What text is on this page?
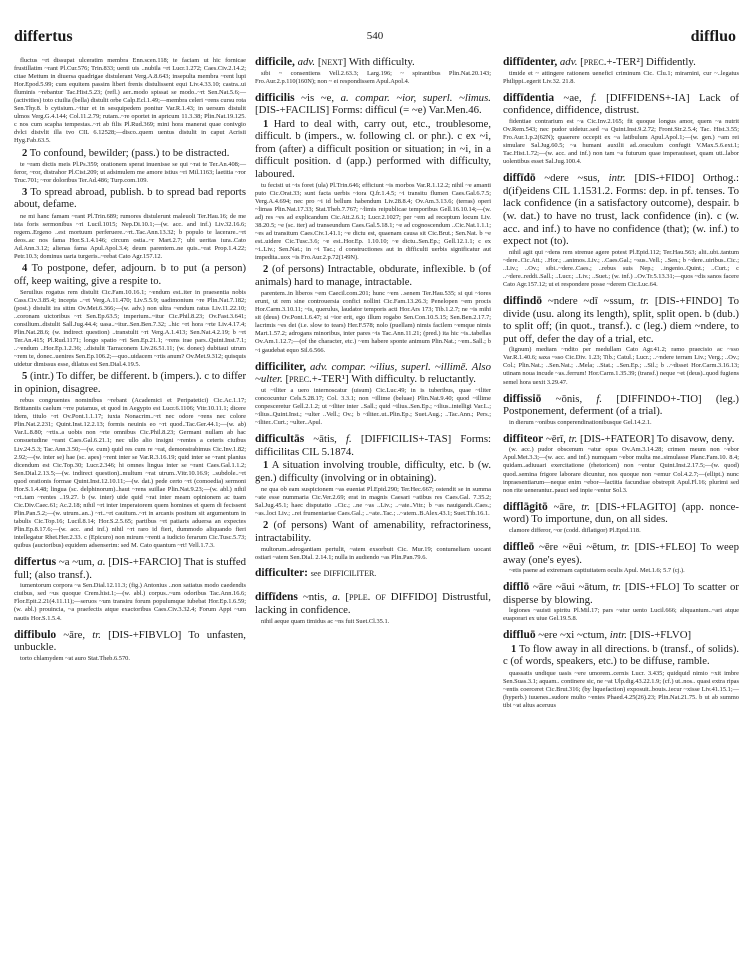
differtus	540	diffluo

fluctus ~rt dissupat ulceratim membra Enn.scen.118; te faciam ut hic fornicae frustillatim ~rant Pl.Cur.576; Trin.833; uenti uis ..nubila ~rt Lucr.1.272; Caes.Civ.2.14.2; citae Mettum in diuersa quadrigae distulerant Verg.A.8.643; insepulta membra ~rent lupi Hor.Epod.5.99; cum equitem passim liberi frenis distulissent equi Liv.4.33.10; castra..ui fluminis ~rebantur Tac.Hist.5.23; (refl.) aer..modo spissat se modo..~rt Sen.Nat.5.6;—(activities) toto ciuilia (bella) distulit orbe Calp.Ecl.1.49;—membra celeri ~rens cursu rota Sen.Thy.8. b cytisium..~itur et in sesquipedem ponitur Var.R.1.43; in uersum distulit ulmos Verg.G.4.144; Col.11.2.79; rutam..~re oportet in apricum 11.3.38; Plin.Nat.19.125. c nos cum scapha tempestas..~rt ab filis Pl.Rud.369; mini hora manerat quae conivgio dvlci distvlit illa tvo CIL 6.12528;—disco..quem uentus distulit in caput Acrisii Hyg.Fab.63.5.

2 To confound, bewilder; (pass.) to be distracted.

te ~ram dictis meis Pl.Ps.359; orationem sperat inuenisse se qui ~rat te Ter.An.408;—feror, ~ror, distrahor Pl.Cist.209; ut adsimulem me amore istius ~ri Mil.1163; laetitia ~ror Truc.701; ~ror doloribus Ter.Ad.486; Turp.com.109.

3 To spread abroad, publish. b to spread bad reports about, defame.

ne mi hanc famam ~rant Pl.Trin.689; rumores distulerunt maleuoli Ter.Hau.16; de me ista foris sermonibus ~ri Lucil.1015; Nep.Di.10.1;—(w. acc. and inf.) Liv.32.16.6; regem..Ergeno ..est mortuum perferuere..~rt..Tac.Ann.13.32; b populo te lacerare..~rt deos..ac nos fama Hor.S.1.4.146; circum ostia..~r Mart.2.7; ubi ueritas iura..Cato Ad.Ann.3.12; alienas fama Apul.Apol.3.4; deum parentem..ne quis..~rat Prop.1.4.22; Petr.10.3; dominus uaria turgeris..~rebat Cato Agr.157.12.

4 To postpone, defer, adjourn. b to put (a person) off, keep waiting, give a respite to.

Seruilius rogatus rem distulit Cic.Fam.10.16.1; ~endum est..iter in praesentia nobis Cass.Civ.3.85.4; incepta ..~rt Verg.A.11.470; Liv.5.5.9; uadimonium ~re Plin.Nat.7.182; (post.) distulit ira sitim Ov.Met.6.366;—(w. adv.) non ultra ~endum ratus Liv.11.22.10; ..coronam uictoribus ~rt Sen.Ep.63.5; imperium..~itur Cic.Phil.8.23; Ov.Fast.3.641; consilium..distulit Sall.Jug.44.4; uasa..~itur..Sen.Ben.7.32; ..hic ~rt hora ~rte Liv.4.17.4; Plin.Nat.28.6; (w. indirect question) ..transtulit ~rt Verg.A.1.413; Sen.Nat.4.2.19; b ~rt Ter.An.415; Pl.Rud.1171; longo spatio ~ri Sen.Ep.21.1; ~rens irae pars..Quint.Inst.7.1; ..~endum ..Hor.Ep.1.2.36; ..distulit Tarraconem Liv.26.51.11; (w. donec) dubitaui utrum ~rem te, donec..uenires Sen.Ep.106.2;—quo..uidacem ~rtis anum? Ov.Met.9.312; quisquis uidetur dimissus esse, dilatus est Sen.Dial.4.19.5.

5 (intr.) To differ, be different. b (impers.). c to differ in opinion, disagree.

rebus congruentes nominibus ~rebant (Academici et Peripatetici) Cic.Ac.1.17; Brittanniis caelum ~rre putamus, et quod in Aegypto est Lucr.6.1106; Vitr.10.11.1; dicere idem, titulo ~rt Ov.Pont.1.1.17; iuxta Nonacrim..~rt nec odore ~rens nec colore Plin.Nat.2.231; Quint.Inst.12.2.13; formis neuinis eo ~rt quod..Tac.Ger.44.1;—(w. ab) Var.L.8.80; ~rtis..a uobis non ~rte omnibus Cic.Phil.8.23; Germani nullam ab hac consuetudine ~rant Caes.Gal.6.21.1; nec ullo alio insigni ~rentes a ceteris ciuibus Liv.24.5.3; Tac.Ann.3.50;—(w. cum) quid res cum re ~rat, demonstrabimus Cic.Inv.1.82; 2.92;—(w. inter se) hae (sc. apes) ~rent inter se Var.R.3.16.19; quid inter se ~rant planius dicendum est Cic.Top.30; Lucr.2.346; hi omnes lingua inter se ~rant Caes.Gal.1.1.2; Sen.Dial.2.13.5;—(w. indirect question)..multum ~rat utrum..Vitr.10.16.9; ..subdole..~rt quod orationis formae Quint.Inst.12.10.11;—(w. dat.) pede certo ~rt (comoedia) sermoni Hor.S.1.4.48; lingua (sc. delphinorum)..haut ~rens suillae Plin.Nat.9.23;—(w. abl.) nihil ~rt..tam ~rentes ..19.27. b (w. inter) uide quid ~rat inter meam opinionem ac tuam Cic.Div.Caec.61; Ac.2.18; nihil ~rt inter imperatorem quem homines et quem di fecissent Plin.Pan.5.2;—(w. utrum..an..) ~rt..~rt cauitum..~rt in arcanis positum sit argumentum in tabulis Cic.Top.16; Lucil.8.14; Hor.S.2.5.65; partibus ~rt patiaris aduersa an expectes Plin.Ep.8.17.6;—(w. acc. and inf.) nihil ~rt raro id fieri, dummodo aliquando fieri intellegatur Rhet.Her.2.33. c (Epicuro) non mirum ~renti a iudicio ferarum Cic.Tusc.5.73; quibus (auctoribus) equidem adsenserim: sed M. Cato quantum ~rt! Vell.1.7.3.

differtus ~a ~um, a. [DIS-+FARCIO] That is stuffed full; (also transf.).

iumentorum corpora ~a Sen.Dial.12.11.3; (fig.) Antonius ..non satiatus modo caedendis ciuibus, sed ~us quoque Crem.hist.1;—(w. abl.) corpus..~um odoribus Tac.Ann.16.6; Flor.Epit.2.21(4.11.11);—seruos ~um transiru forum populumque iubebat Hor.Ep.1.6.59; (w. abl.) prouincia, ~a praefectis atque exactoribus Caes.Civ.3.32.4; Forum Appi ~um nautis Hor.S.1.5.4.

diffibulo ~āre, tr. [DIS-+FIBVLO] To unfasten, unbuckle.

torto chlamydem ~at auro Stat.Theb.6.570.

difficile, adv. [next] With difficulty.

sibi ~ consentiens Vell.2.63.3; Larg.196; ~ spirantibus Plin.Nat.20.143; Fro.Aur.2.p.110(160N); non ~ ei respondissem Apul.Apol.4.

difficilis ~is ~e, a. compar. ~ior, superl. ~limus. [DIS-+FACILIS] Forms: difficul (= ~e) Var.Men.46.

1 Hard to deal with, carry out, etc., troublesome, difficult. b (impers., w. following cl. or phr.). c ex ~i, from (after) a difficult position or situation; in ~i, in a difficult position. d (app.) performed with difficulty, laboured.

tu fecisti ut ~is foret (ula) Pl.Trin.646; efficiunt ~is morbos Var.R.1.12.2; nihil ~e amanti puto Cic.Orat.33; sunt facta uerbis ~iora Q.fr.1.4.5; ~i transitu flumen Caes.Gal.6.7.5; Verg.A.4.694; nec pro ~i id bellum habendum Liv.28.8.4; Ov.Am.3.13.6; (terras) operi ~limas Plin.Nat.17.33; Stat.Theb.7.767; ~limis reipublicae temporibus Gell.16.10.14;—(w. ad) res ~es ad explicandum Cic.Att.2.6.1; Lucr.2.1027; per ~em ad receptum locum Liv. 38.20.5; ~e (sc. iter) ad transeundum Caes.Gal.5.18.1; ~e ad cognoscendum ..Cic.Nat.1.1.1; ~es ad transitum Caes.Civ.1.41.1; ~e dictu est, quaenam causa sit Cic.Brut.; Sen.Nat. b ~e est..uidere Cic.Tusc.3.6; ~e est..Hor.Ep. 1.10.10; ~e dictu..Sen.Ep.; Gell.12.1.1; c ex ~i..Liv.; Sen.Nat.; in ~i Tac.; d constructiones aut in difficulti uerbis significatur aut impedita..uox ~is Fro.Aur.2.p.72(149N).

2 (of persons) Intractable, obdurate, inflexible. b (of animals) hard to manage, intractable.

parentem..in liberos ~em Caecil.com.201; hunc ~em ..senem Ter.Hau.535; si qui ~iores erunt, ut rem sine controuersia confici nollint Cic.Fam.13.26.3; Penelopen ~em procis Hor.Carm.3.10.11; ~is, querulus, laudator temporis acti Hor.Ars 173; Tib.1.2.7; ne ~is mihi sit (deus) Ov.Pont.1.6.47; si ~ior erit, ego illum rogabo Sen.Con.10.5.15; Sen.Ben.2.17.7; lacrimis ~es dei (i.e. slow to tears) Her.F.578; nolo (puellam) nimis facilem ~emque nimis Mart.1.57.2; adrogans minoribus, inter pares ~is Tac.Ann.11.21; (pred.) ita hic ~is..tabellas Ov.Am.1.12.7;—(of the character, etc.) ~em habere sponte animum Plin.Nat.; ~em..Sall.; b ~i gaudebat equo Sil.6.566.

difficiliter, adv. compar. ~ilius, superl. ~illimē. Also ~ulter. [prec.+-TER¹] With difficulty. b reluctantly.

ut ~iliter a uero internoscatur (uisum) Cic.Luc.49; in is tuberibus, quae ~iliter concocuntur Cels.5.28.17; Col. 3.3.1; non ~illime (beluae) Plin.Nat.9.40; quod ~illime conpesceretur Gell.2.1.2; ut ~iliter inter ..Sall.; quid ~ilius..Sen.Ep.; ~ilius..intelligi Var.L.; ~ilius..Quint.Inst.; ~ulter ..Vell.; Ov.; b ~iliter..ut..Plin.Ep.; Suet.Aug.; ..Tac.Ann.; Pers.; ~iliter..Curt.; ~ulter..Apul.

difficultās ~ātis, f. [DIFFICILIS+-TAS] Forms: difficilitas CIL 5.1874.

1 A situation involving trouble, difficulty, etc. b (w. gen.) difficulty (involving or in obtaining).

ne qua ob eam suspicionem ~as eueniat Pl.Epid.290; Ter.Hec.667; ostendit se in summa ~ate esse nummaria Cic.Ver.2.69; erat in magnis Caesari ~atibus res Caes.Gal. 7.35.2; Sal.Jug.45.1; haec disputatio ..Cic.; ..ne ~as ..Liv.; ..~ate..Vitr.; b ~as nauigandi..Caes.; ~as..loci Liv.; ..rei frumentariae Caes.Gal.; ..~ate..Tac.; ..~atem..B.Alex.43.1; Suet.Tib.16.1.

2 (of persons) Want of amenability, refractoriness, intractability.

multorum..adrogantiam pertulit, ~atem exsorbuit Cic. Mur.19; contumeliam uocant ostiari ~atem Sen.Dial. 2.14.1; nulla in audiendo ~as Plin.Pan.79.6.

difficulter: see DIFFICILITER.

diffīdens ~ntis, a. [pple. of DIFFIDO] Distrustful, lacking in confidence.

nihil aeque quam timidus ac ~ns fuit Suet.Cl.35.1.

diffīdenter, adv. [prec.+-TER²] Diffidently.

timide et ~ attingere rationem ueneficī criminum Cic. Clu.1; mirarnini, cur ~..legatus Philippi..egerit Liv.32. 21.8.

diffīdentia ~ae, f. [DIFFIDENS+-IA] Lack of confidence, diffidence, distrust.

fidentiae contrarium est ~a Cic.Inv.2.165; fit quoque longus amor, quem ~a nutrit Ov.Rem.543; nec pudor uidetur..sed ~a Quint.Inst.9.2.72; Front.Str.2.5.4; Tac. Hist.3.55; Fro.Aur.1.p.2(62N); quaerere occepit ex ~a latibulum Apul.Apol.1;—(w. gen.) ~am rei simulare Sal.Jug.60.5; ~a humani auxilii ad..oraculum confugit V.Max.5.6.ext.1; Tac.Hist.1.72;—(w. acc. and inf.) non tam ~a futurum quae imperauisset, quam uti..labor uolentibus esset Sal.Jug.100.4.

diffīdō ~dere ~sus, intr. [DIS-+FIDO] Orthog.: d(if)eidens CIL 1.1531.2. Forms: dep. in pf. tenses. To lack confidence (in a satisfactory outcome), despair. b (w. dat.) to have no trust, lack confidence (in). c (w. acc. and inf.) to have no confidence (that); (w. inf.) to expect not (to).

nihil agit qui ~dens rem strenue agere potest Pl.Epid.112; Ter.Hau.563; alii..ubi..tantum ~dere..Cic.Att.; ..Hor.; ..animos..Liv.; ..Caes.Gal.; ~sus..Vell.; ..Sen.; b ~dere..uiribus..Cic.; ..Liv.; ..Ov.; sibi..~dere..Caes.; ..rebus suis Nep.; ..ingenio..Quint.; ..Curt.; c ..~dere..reddi..Sall.; ..Lucr.; ..Liv.; ..Suet.; (w. inf.) ..Ov.Tr.5.13.31;—quos ~dis sanos facere Cato Agr.157.12; ut ei respondere posse ~derem Cic.Luc.64.

diffindō ~ndere ~dī ~ssum, tr. [DIS-+FINDO] To divide (usu. along its length), split, split open. b (dub.) to split off; (in quot., transf.). c (leg.) diem ~ndere, to put off, defer the day of a trial, etc.

(lignum) mediam ~ndito per medullam Cato Agr.41.2; ramo praecisio ac ~sso Var.R.1.40.6; saxa ~sso Cic.Div. 1.23; Tib.; Catul.; Lucr.; ..~ndere terram Liv.; Verg.; ..Ov.; Col.; Plin.Nat.; ..Sen.Nat.; ..Mela; ..Stat.; ..Sen.Ep.; ..Sil.; b ..~disset Hor.Carm.3.16.13; utinam noua incude ~as..ferrum! Hor.Carm.1.35.39; (transf.) neque ~et (deus)..quod fugiens semel hora uexit 3.29.47.

diffissiō ~ōnis, f. [DIFFINDO+-TIO] (leg.) Postponement, deferment (of a trial).

in dierum ~onibus conperendinationibusque Gel.14.2.1.

diffiteor ~ērī, tr. [DIS-+FATEOR] To disavow, deny.

(w. acc.) pudor obscenum ~atur opus Ov.Am.3.14.28; crimen meum non ~ebor Apul.Met.3.3;—(w. acc. and inf.) numquam ~ebor multa me..simulasse Planc.Fam.10. 8.4; quidam..adiuuari exercitatione (rhetoricen) non ~entur Quint.Inst.2.17.5;—(w. quod) quod..semina frigore laborare dicuntur, nos quoque non ~emur Col.4.2.7;—(ellipt.) nunc inpraesentiarum—neque enim ~ebor—lactitia facundiae obstrepit Apul.Fl.16; plurimi sed non rite uenerantur..pauci sed inpie ~entur Sol.3.

difflāgitō ~āre, tr. [DIS-+FLAGITO] (app. nonce-word) To importune, dun, on all sides.

clamore differor, ~or (codd. diflatigor) Pl.Epid.118.

diffleō ~ēre ~ēui ~ētum, tr. [DIS-+FLEO] To weep away (one's eyes).

~etis paene ad extremam captiuitatem oculis Apul. Met.1.6; 5.7 (cj.).

difflō ~āre ~āui ~ātum, tr. [DIS-+FLO] To scatter or disperse by blowing.

legiones ~auisti spiritu Pl.Mil.17; pars ~atur uento Lucil.666; aliquantum..~ari atque euaporari ex uiue Gel.19.5.8.

diffluō ~ere ~xi ~ctum, intr. [DIS-+FLVO]

1 To flow away in all directions. b (transf., of solids). c (of words, speakers, etc.) to be diffuse, ramble.

quassatis undique uasis ~ere umorem..cernis Lucr. 3.435; quidquid nimio ~xit imbre Sen.Suas.3.1; aquam.. continere sic, ne ~at Ulp.dig.43.22.1.9; (cf.) ut..nos.. quasi extra ripas ~entis coerceret Cic.Brut.316; (by liquefaction) exposuit..bouis..iecur ~xisse Liv.41.15.1;—(hyperb.) iuuenes..sudore multo ~entes Phaed.4.25(26).23; Plin.Nat.21.75. b ut ab summo tibi ~at altus aceruus
